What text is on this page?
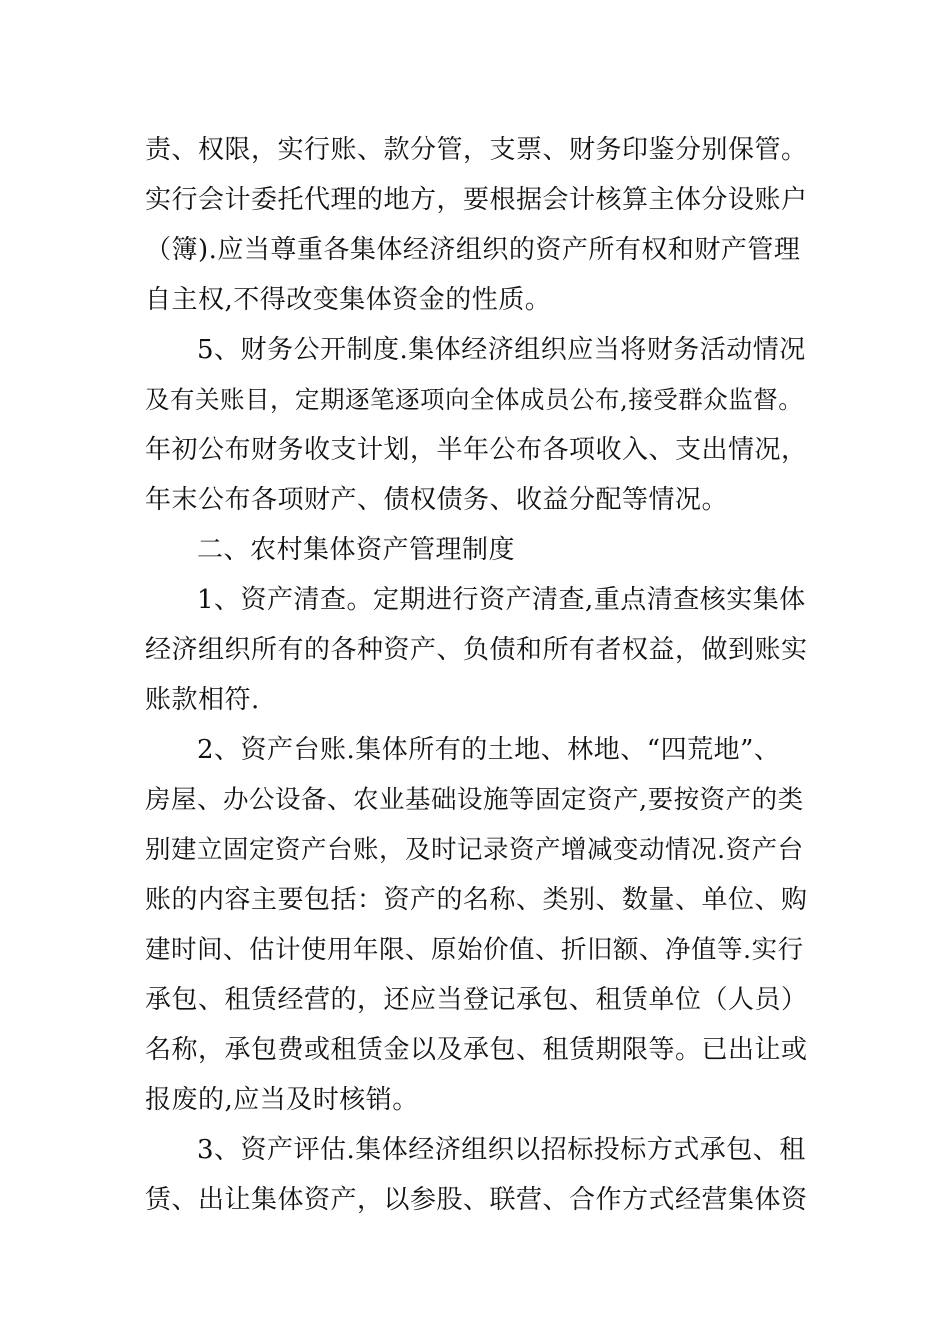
责、权限，实行账、款分管，支票、财务印鉴分别保管。
实行会计委托代理的地方，要根据会计核算主体分设账户
（簿).应当尊重各集体经济组织的资产所有权和财产管理
自主权,不得改变集体资金的性质。
5、财务公开制度.集体经济组织应当将财务活动情况
及有关账目，定期逐笔逐项向全体成员公布,接受群众监督。
年初公布财务收支计划，半年公布各项收入、支出情况，
年末公布各项财产、债权债务、收益分配等情况。
二、农村集体资产管理制度
1、资产清查。定期进行资产清查,重点清查核实集体
经济组织所有的各种资产、负债和所有者权益，做到账实
账款相符.
2、资产台账.集体所有的土地、林地、“四荒地”、
房屋、办公设备、农业基础设施等固定资产,要按资产的类
别建立固定资产台账，及时记录资产增减变动情况.资产台
账的内容主要包括：资产的名称、类别、数量、单位、购
建时间、估计使用年限、原始价值、折旧额、净值等.实行
承包、租赁经营的，还应当登记承包、租赁单位（人员）
名称，承包费或租赁金以及承包、租赁期限等。已出让或
报废的,应当及时核销。
3、资产评估.集体经济组织以招标投标方式承包、租
赁、出让集体资产，以参股、联营、合作方式经营集体资
